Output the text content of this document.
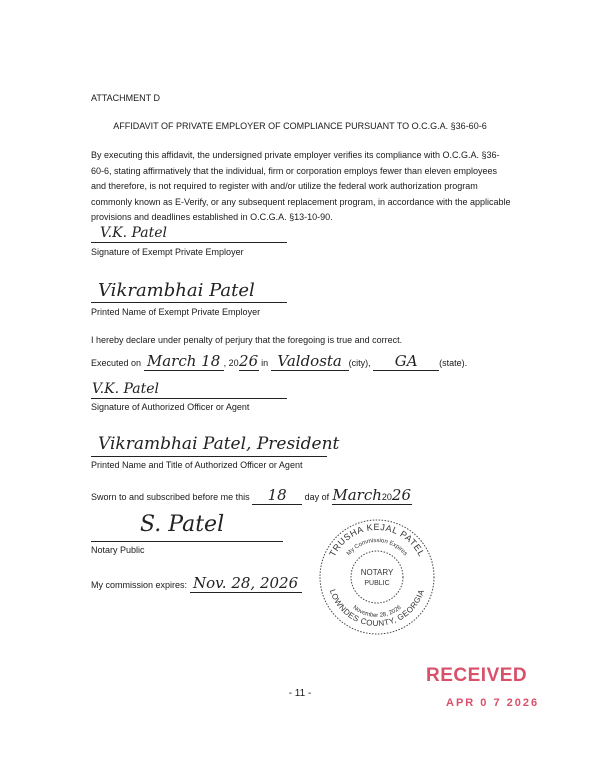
ATTACHMENT D
AFFIDAVIT OF PRIVATE EMPLOYER OF COMPLIANCE PURSUANT TO O.C.G.A. §36-60-6
By executing this affidavit, the undersigned private employer verifies its compliance with O.C.G.A. §36-
60-6, stating affirmatively that the individual, firm or corporation employs fewer than eleven employees
and therefore, is not required to register with and/or utilize the federal work authorization program
commonly known as E-Verify, or any subsequent replacement program, in accordance with the applicable
provisions and deadlines established in O.C.G.A. §13-10-90.
V.K. Patel
Signature of Exempt Private Employer
Vikrambhai Patel
Printed Name of Exempt Private Employer
I hereby declare under penalty of perjury that the foregoing is true and correct.
Executed on March 18 , 2026 in Valdosta (city), GA (state).
V.K. Patel
Signature of Authorized Officer or Agent
Vikrambhai Patel, President
Printed Name and Title of Authorized Officer or Agent
Sworn to and subscribed before me this 18 day of March2026
S. Patel
Notary Public
My commission expires: Nov. 28, 2026
TRUSHA KEJAL PATEL
My Commission Expires
NOTARY
PUBLIC
November 28, 2026
LOWNDES COUNTY, GEORGIA
- 11 -
RECEIVED
APR 0 7 2026
